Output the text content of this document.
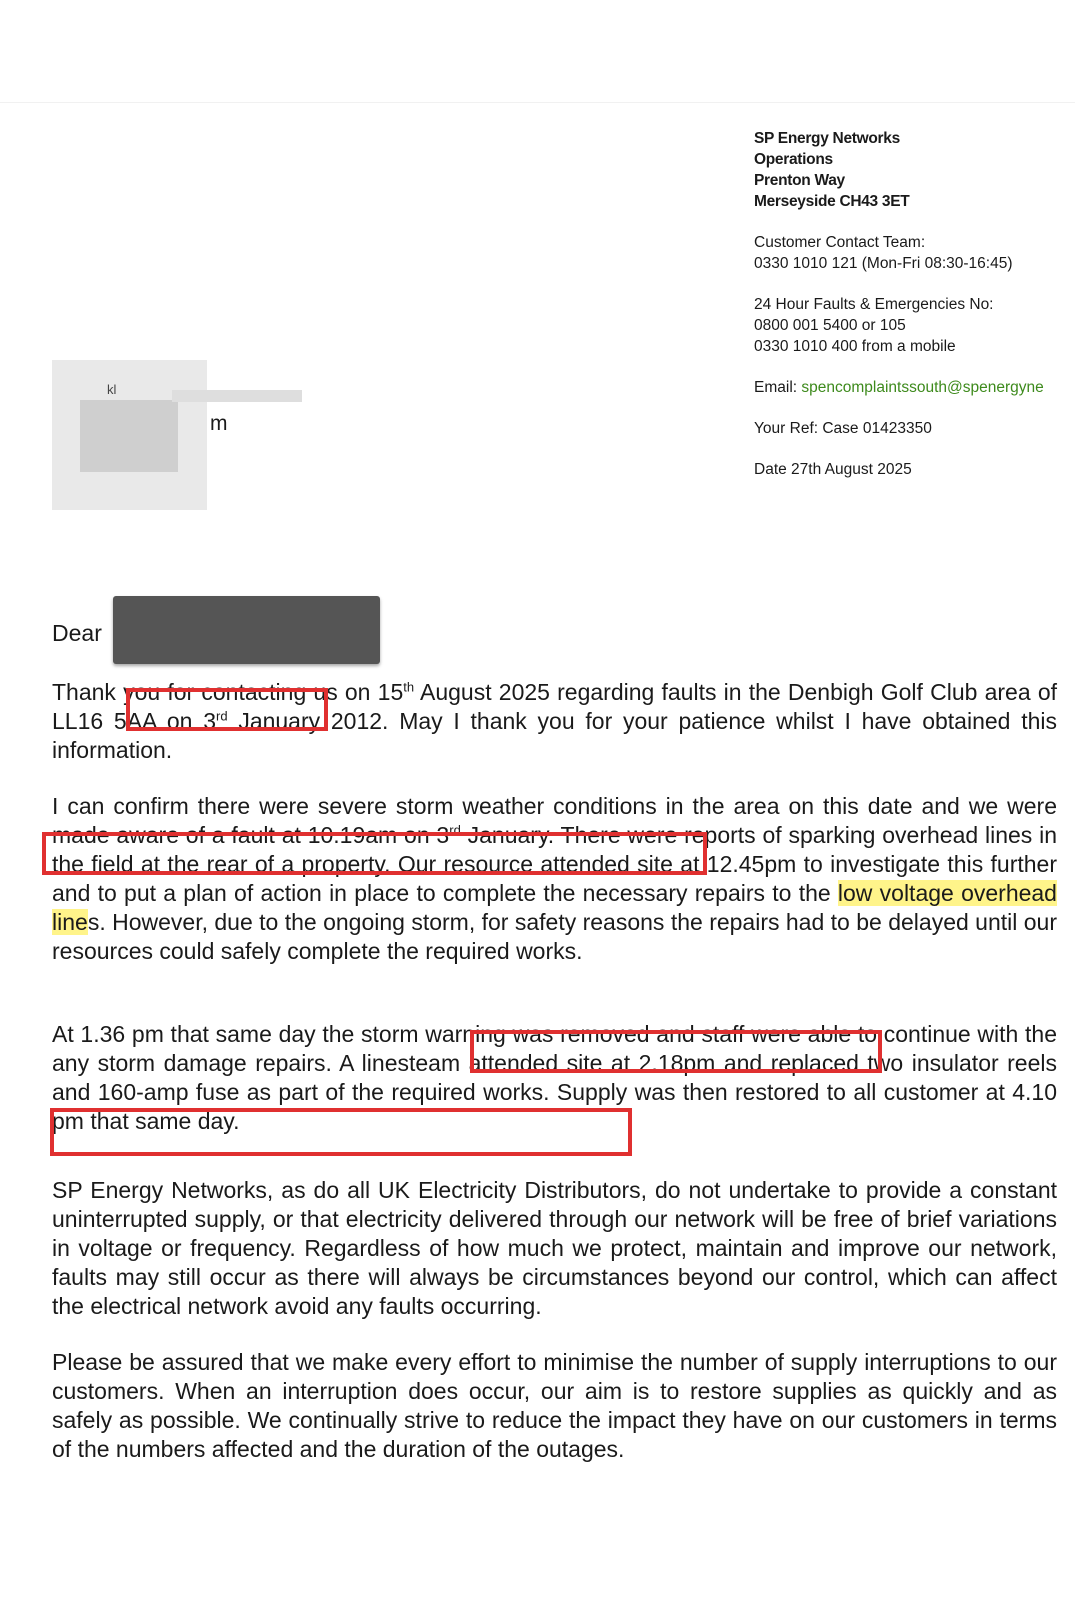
SP Energy Networks
Operations
Prenton Way
Merseyside CH43 3ET
Customer Contact Team:
0330 1010 121 (Mon-Fri 08:30-16:45)
24 Hour Faults & Emergencies No:
0800 001 5400 or 105
0330 1010 400 from a mobile
Email: spencomplaintssouth@spenergyne
Your Ref: Case 01423350
Date 27th August 2025
kl
m
Dear

Thank you for contacting us on 15th August 2025 regarding faults in the Denbigh Golf Club area of LL16 5AA on 3rd January 2012. May I thank you for your patience whilst I have obtained this information.

I can confirm there were severe storm weather conditions in the area on this date and we were made aware of a fault at 10.19am on 3rd January. There were reports of sparking overhead lines in the field at the rear of a property. Our resource attended site at 12.45pm to investigate this further and to put a plan of action in place to complete the necessary repairs to the low voltage overhead lines. However, due to the ongoing storm, for safety reasons the repairs had to be delayed until our resources could safely complete the required works.

At 1.36 pm that same day the storm warning was removed and staff were able to continue with the any storm damage repairs. A linesteam attended site at 2.18pm and replaced two insulator reels and 160-amp fuse as part of the required works. Supply was then restored to all customer at 4.10 pm that same day.

SP Energy Networks, as do all UK Electricity Distributors, do not undertake to provide a constant uninterrupted supply, or that electricity delivered through our network will be free of brief variations in voltage or frequency. Regardless of how much we protect, maintain and improve our network, faults may still occur as there will always be circumstances beyond our control, which can affect the electrical network avoid any faults occurring.

Please be assured that we make every effort to minimise the number of supply interruptions to our customers. When an interruption does occur, our aim is to restore supplies as quickly and as safely as possible. We continually strive to reduce the impact they have on our customers in terms of the numbers affected and the duration of the outages.
